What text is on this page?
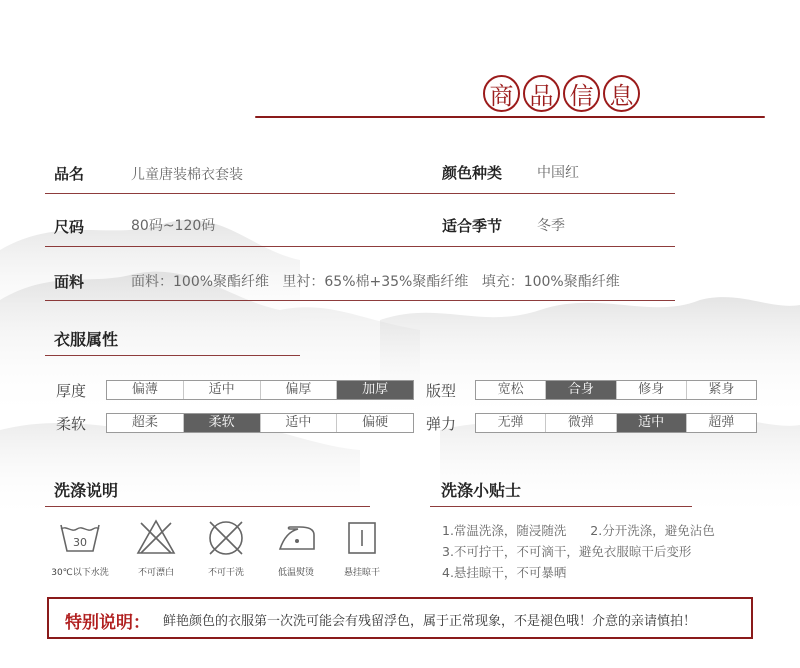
商 品 信 息
品名	儿童唐装棉衣套装	颜色种类 中国红
尺码	80码~120码	适合季节 冬季
面料	面料：100%聚酯纤维   里衬：65%棉+35%聚酯纤维   填充：100%聚酯纤维
衣服属性
厚度	偏薄	适中	偏厚	加厚	版型	宽松	合身	修身	紧身
柔软	超柔	柔软	适中	偏硬	弹力	无弹	微弹	适中	超弹
洗涤说明
30
30℃以下水洗	不可漂白	不可干洗	低温熨烫	悬挂晾干
洗涤小贴士
1.常温洗涤，随浸随洗      2.分开洗涤，避免沾色
3.不可拧干，不可滴干，避免衣服晾干后变形
4.悬挂晾干，不可暴晒
特别说明： 鲜艳颜色的衣服第一次洗可能会有残留浮色，属于正常现象，不是褪色哦！介意的亲请慎拍！
